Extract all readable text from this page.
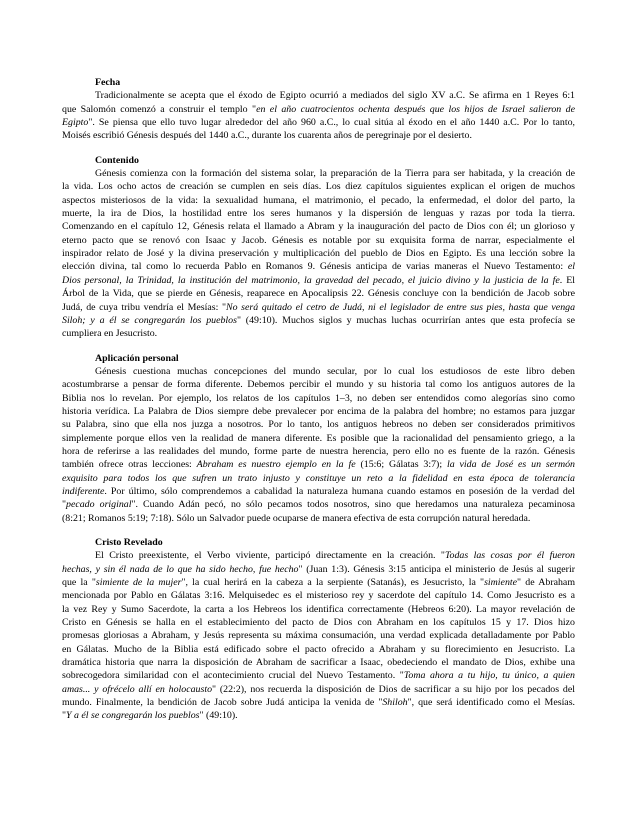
Fecha
Tradicionalmente se acepta que el éxodo de Egipto ocurrió a mediados del siglo XV a.C. Se afirma en 1 Reyes 6:1
que Salomón comenzó a construir el templo "en el año cuatrocientos ochenta después que los hijos de Israel salieron de
Egipto". Se piensa que ello tuvo lugar alrededor del año 960 a.C., lo cual sitúa al éxodo en el año 1440 a.C. Por lo tanto,
Moisés escribió Génesis después del 1440 a.C., durante los cuarenta años de peregrinaje por el desierto.
Contenido
Génesis comienza con la formación del sistema solar, la preparación de la Tierra para ser habitada, y la creación de
la vida. Los ocho actos de creación se cumplen en seis días. Los diez capítulos siguientes explican el origen de muchos
aspectos misteriosos de la vida: la sexualidad humana, el matrimonio, el pecado, la enfermedad, el dolor del parto, la
muerte, la ira de Dios, la hostilidad entre los seres humanos y la dispersión de lenguas y razas por toda la tierra.
Comenzando en el capítulo 12, Génesis relata el llamado a Abram y la inauguración del pacto de Dios con él; un glorioso y
eterno pacto que se renovó con Isaac y Jacob. Génesis es notable por su exquisita forma de narrar, especialmente el
inspirador relato de José y la divina preservación y multiplicación del pueblo de Dios en Egipto. Es una lección sobre la
elección divina, tal como lo recuerda Pablo en Romanos 9. Génesis anticipa de varias maneras el Nuevo Testamento: el
Dios personal, la Trinidad, la institución del matrimonio, la gravedad del pecado, el juicio divino y la justicia de la fe. El
Árbol de la Vida, que se pierde en Génesis, reaparece en Apocalipsis 22. Génesis concluye con la bendición de Jacob sobre
Judá, de cuya tribu vendría el Mesías: "No será quitado el cetro de Judá, ni el legislador de entre sus pies, hasta que venga
Siloh; y a él se congregarán los pueblos" (49:10). Muchos siglos y muchas luchas ocurrirían antes que esta profecía se
cumpliera en Jesucristo.
Aplicación personal
Génesis cuestiona muchas concepciones del mundo secular, por lo cual los estudiosos de este libro deben
acostumbrarse a pensar de forma diferente. Debemos percibir el mundo y su historia tal como los antiguos autores de la
Biblia nos lo revelan. Por ejemplo, los relatos de los capítulos 1–3, no deben ser entendidos como alegorías sino como
historia verídica. La Palabra de Dios siempre debe prevalecer por encima de la palabra del hombre; no estamos para juzgar
su Palabra, sino que ella nos juzga a nosotros. Por lo tanto, los antiguos hebreos no deben ser considerados primitivos
simplemente porque ellos ven la realidad de manera diferente. Es posible que la racionalidad del pensamiento griego, a la
hora de referirse a las realidades del mundo, forme parte de nuestra herencia, pero ello no es fuente de la razón. Génesis
también ofrece otras lecciones: Abraham es nuestro ejemplo en la fe (15:6; Gálatas 3:7); la vida de José es un sermón
exquisito para todos los que sufren un trato injusto y constituye un reto a la fidelidad en esta época de tolerancia
indiferente. Por último, sólo comprendemos a cabalidad la naturaleza humana cuando estamos en posesión de la verdad del
"pecado original". Cuando Adán pecó, no sólo pecamos todos nosotros, sino que heredamos una naturaleza pecaminosa
(8:21; Romanos 5:19; 7:18). Sólo un Salvador puede ocuparse de manera efectiva de esta corrupción natural heredada.
Cristo Revelado
El Cristo preexistente, el Verbo viviente, participó directamente en la creación. "Todas las cosas por él fueron
hechas, y sin él nada de lo que ha sido hecho, fue hecho" (Juan 1:3). Génesis 3:15 anticipa el ministerio de Jesús al sugerir
que la "simiente de la mujer", la cual herirá en la cabeza a la serpiente (Satanás), es Jesucristo, la "simiente" de Abraham
mencionada por Pablo en Gálatas 3:16. Melquisedec es el misterioso rey y sacerdote del capítulo 14. Como Jesucristo es a
la vez Rey y Sumo Sacerdote, la carta a los Hebreos los identifica correctamente (Hebreos 6:20). La mayor revelación de
Cristo en Génesis se halla en el establecimiento del pacto de Dios con Abraham en los capítulos 15 y 17. Dios hizo
promesas gloriosas a Abraham, y Jesús representa su máxima consumación, una verdad explicada detalladamente por Pablo
en Gálatas. Mucho de la Biblia está edificado sobre el pacto ofrecido a Abraham y su florecimiento en Jesucristo. La
dramática historia que narra la disposición de Abraham de sacrificar a Isaac, obedeciendo el mandato de Dios, exhibe una
sobrecogedora similaridad con el acontecimiento crucial del Nuevo Testamento. "Toma ahora a tu hijo, tu único, a quien
amas... y ofrécelo allí en holocausto" (22:2), nos recuerda la disposición de Dios de sacrificar a su hijo por los pecados del
mundo. Finalmente, la bendición de Jacob sobre Judá anticipa la venida de "Shiloh", que será identificado como el Mesías.
"Y a él se congregarán los pueblos" (49:10).
